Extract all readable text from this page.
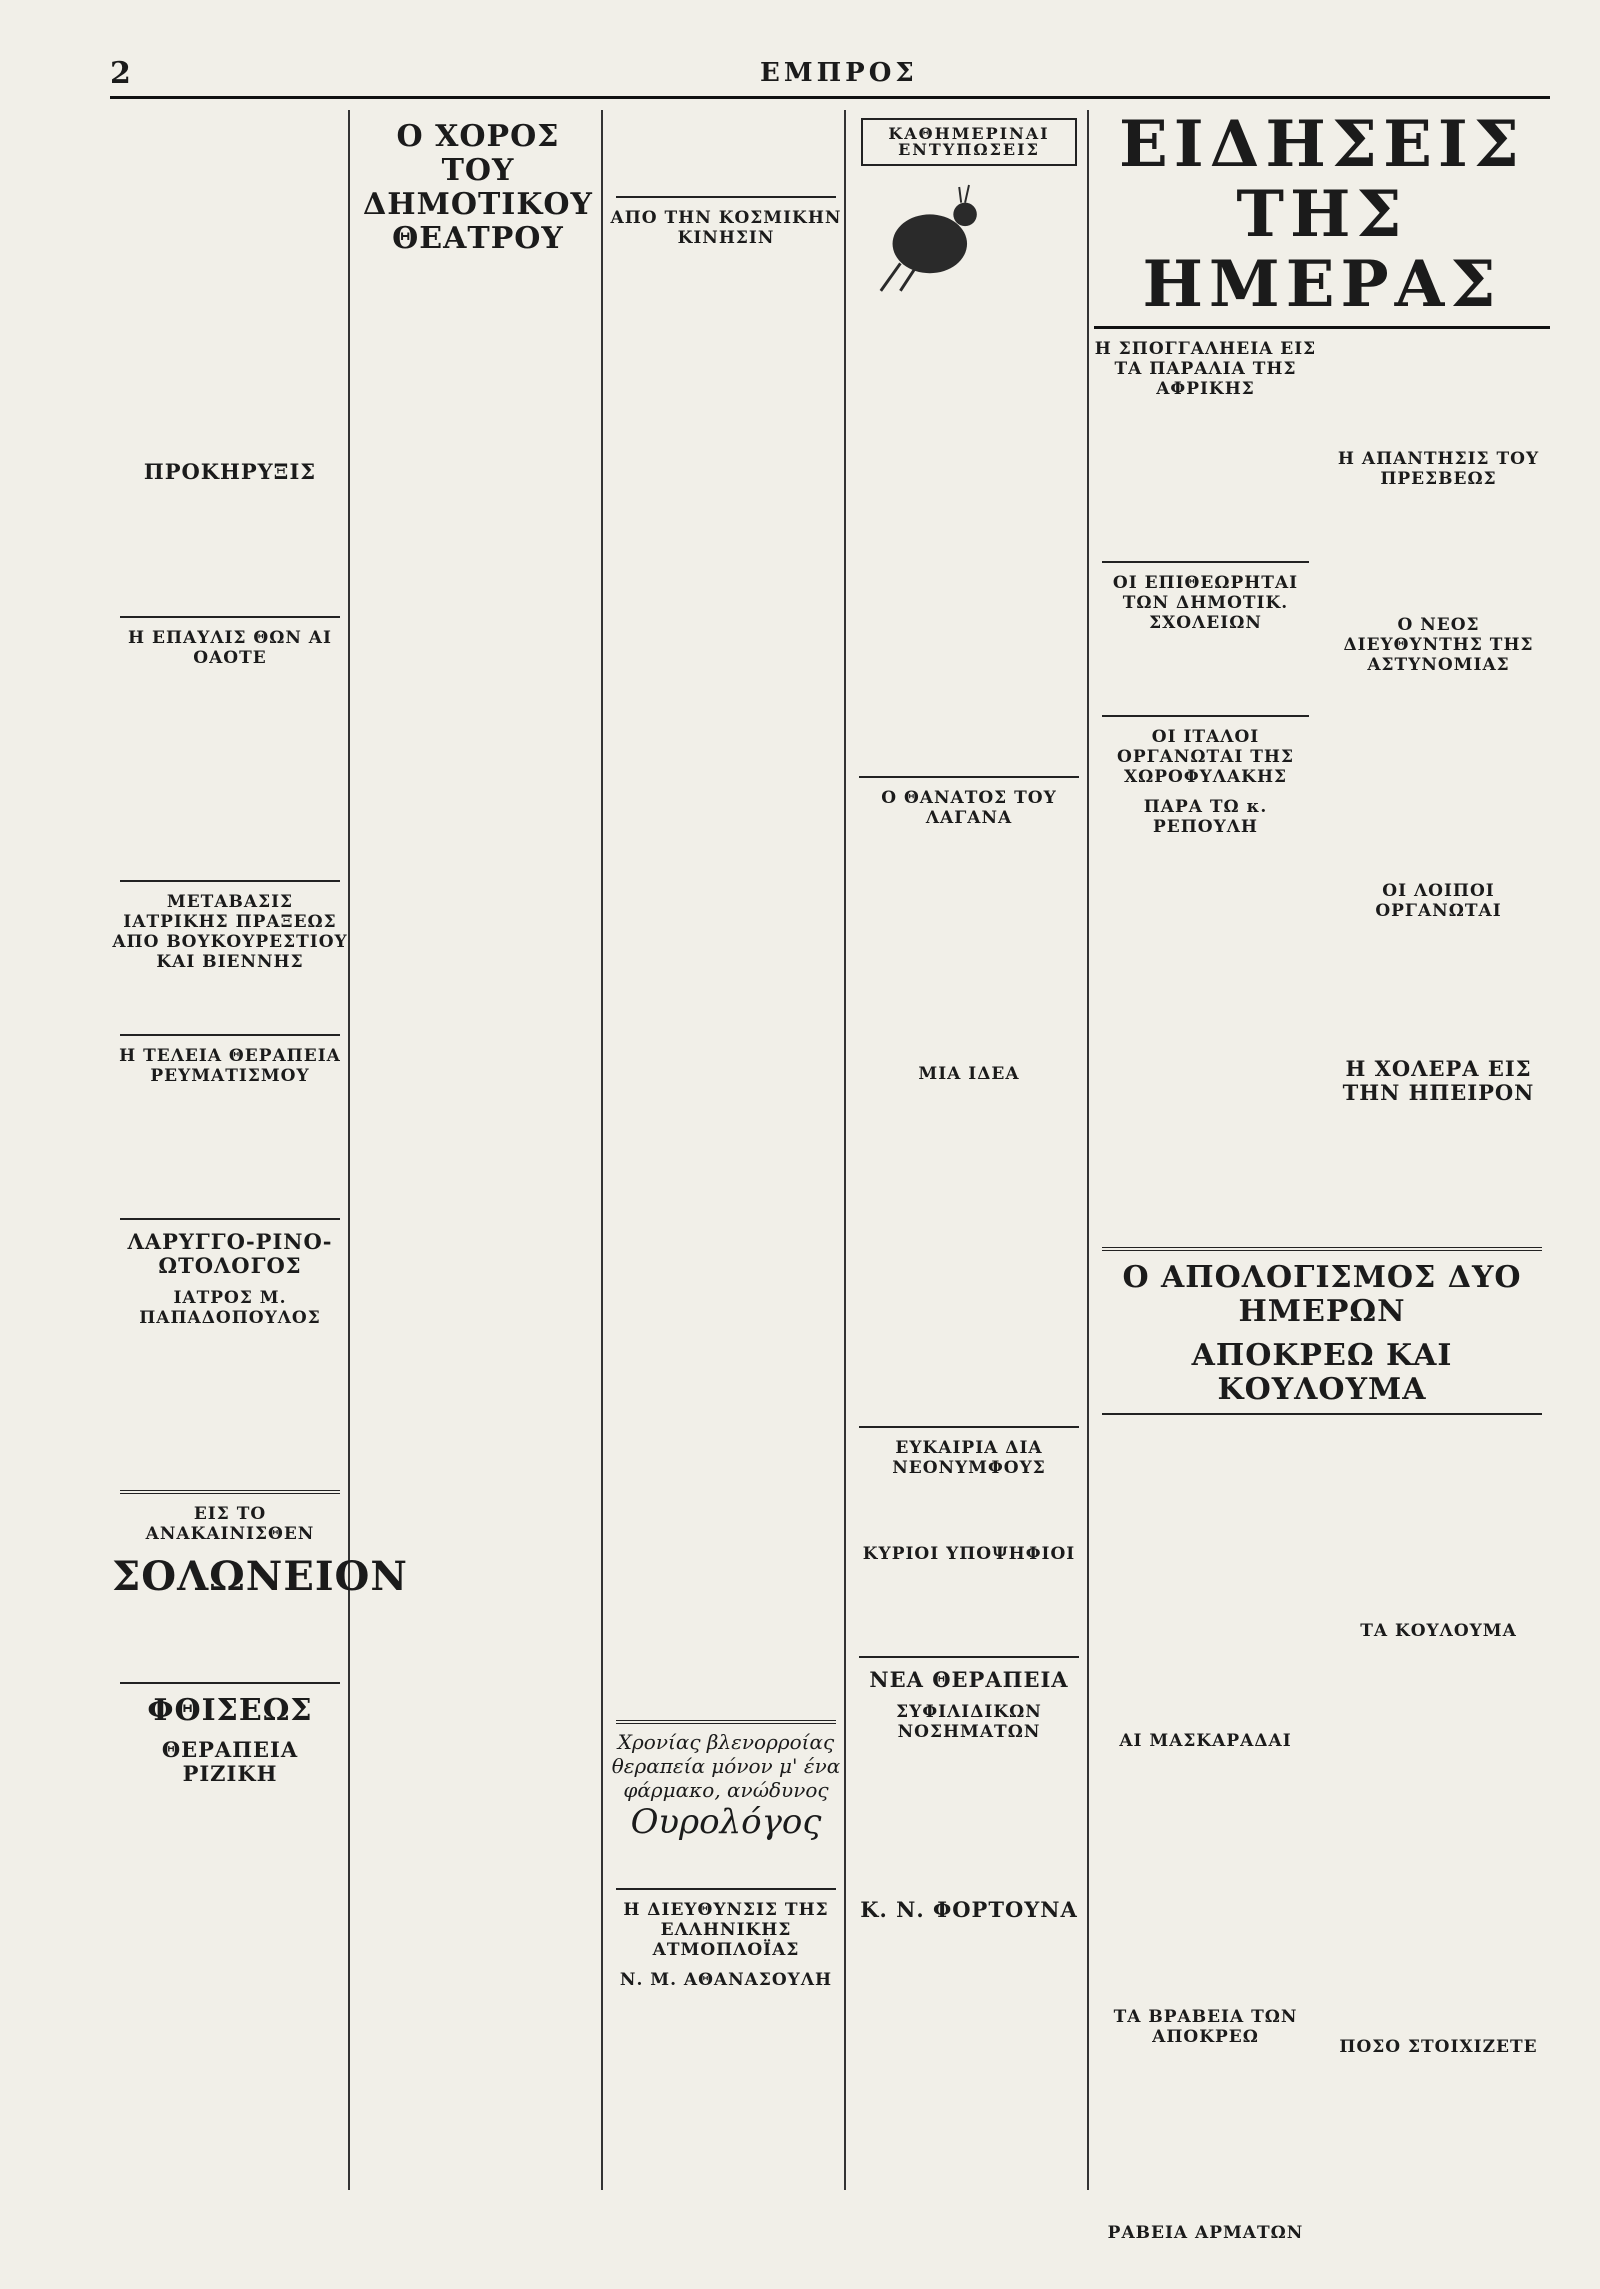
2	ΕΜΠΡΟΣ
ΠΡΟΚΗΡΥΞΙΣ
Η ΕΠΑΥΛΙΣ ΘΩΝ ΑΙ ΟΑΟΤΕ
ΜΕΤΑΒΑΣΙΣ ΙΑΤΡΙΚΗΣ ΠΡΑΞΕΩΣ ΑΠΟ ΒΟΥΚΟΥΡΕΣΤΙΟΥ ΚΑΙ ΒΙΕΝΝΗΣ
Η ΤΕΛΕΙΑ ΘΕΡΑΠΕΙΑ ΡΕΥΜΑΤΙΣΜΟΥ
ΛΑΡΥΓΓΟ-ΡΙΝΟ-ΩΤΟΛΟΓΟΣ
ΙΑΤΡΟΣ Μ. ΠΑΠΑΔΟΠΟΥΛΟΣ
ΕΙΣ ΤΟ ΑΝΑΚΑΙΝΙΣΘΕΝ
ΣΟΛΩΝΕΙΟΝ
ΦΘΙΣΕΩΣ
ΘΕΡΑΠΕΙΑ ΡΙΖΙΚΗ
Ο ΧΟΡΟΣ ΤΟΥ ΔΗΜΟΤΙΚΟΥ ΘΕΑΤΡΟΥ
ΑΠΟ ΤΗΝ ΚΟΣΜΙΚΗΝ ΚΙΝΗΣΙΝ
Χρονίας βλενορροίας θεραπεία μόνον μ' ένα φάρμακο, ανώδυνος
Ουρολόγος
Η ΔΙΕΥΘΥΝΣΙΣ ΤΗΣ ΕΛΛΗΝΙΚΗΣ ΑΤΜΟΠΛΟΪΑΣ
Ν. Μ. ΑΘΑΝΑΣΟΥΛΗ
ΚΑΘΗΜΕΡΙΝΑΙ ΕΝΤΥΠΩΣΕΙΣ
Ο ΘΑΝΑΤΟΣ ΤΟΥ ΛΑΓΑΝΑ
ΜΙΑ ΙΔΕΑ
ΕΥΚΑΙΡΙΑ ΔΙΑ ΝΕΟΝΥΜΦΟΥΣ
ΚΥΡΙΟΙ ΥΠΟΨΗΦΙΟΙ
ΝΕΑ ΘΕΡΑΠΕΙΑ
ΣΥΦΙΛΙΔΙΚΩΝ ΝΟΣΗΜΑΤΩΝ
Κ. Ν. ΦΟΡΤΟΥΝΑ
ΕΙΔΗΣΕΙΣ ΤΗΣ ΗΜΕΡΑΣ
Η ΣΠΟΓΓΑΛΗΕΙΑ ΕΙΣ ΤΑ ΠΑΡΑΛΙΑ ΤΗΣ ΑΦΡΙΚΗΣ
ΟΙ ΕΠΙΘΕΩΡΗΤΑΙ ΤΩΝ ΔΗΜΟΤΙΚ. ΣΧΟΛΕΙΩΝ
ΟΙ ΙΤΑΛΟΙ ΟΡΓΑΝΩΤΑΙ ΤΗΣ ΧΩΡΟΦΥΛΑΚΗΣ
ΠΑΡΑ ΤΩ κ. ΡΕΠΟΥΛΗ
Η ΑΠΑΝΤΗΣΙΣ ΤΟΥ ΠΡΕΣΒΕΩΣ
Ο ΝΕΟΣ ΔΙΕΥΘΥΝΤΗΣ ΤΗΣ ΑΣΤΥΝΟΜΙΑΣ
ΟΙ ΛΟΙΠΟΙ ΟΡΓΑΝΩΤΑΙ
Η ΧΟΛΕΡΑ ΕΙΣ ΤΗΝ ΗΠΕΙΡΟΝ
Ο ΑΠΟΛΟΓΙΣΜΟΣ ΔΥΟ ΗΜΕΡΩΝ
ΑΠΟΚΡΕΩ ΚΑΙ ΚΟΥΛΟΥΜΑ
ΑΙ ΜΑΣΚΑΡΑΔΑΙ
ΤΑ ΒΡΑΒΕΙΑ ΤΩΝ ΑΠΟΚΡΕΩ
ΡΑΒΕΙΑ ΑΡΜΑΤΩΝ
ΤΑ ΚΟΥΛΟΥΜΑ
ΠΟΣΟ ΣΤΟΙΧΙΖΕΤΕ
